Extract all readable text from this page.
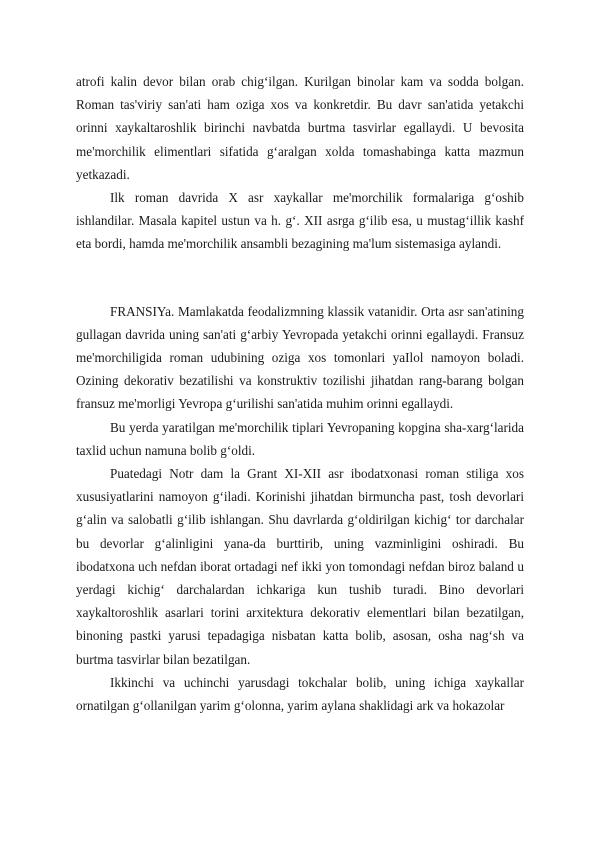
atrofi kalin devor bilan orab chig‘ilgan. Kurilgan binolar kam va sodda bolgan. Roman tas'viriy san'ati ham oziga xos va konkretdir. Bu davr san'atida yetakchi orinni xaykaltaroshlik birinchi navbatda burtma tasvirlar egallaydi. U bevosita me'morchilik elimentlari sifatida g‘aralgan xolda tomashabinga katta mazmun yetkazadi.

Ilk roman davrida X asr xaykallar me'morchilik formalariga g‘oshib ishlandilar. Masala kapitel ustun va h. g‘. XII asrga g‘ilib esa, u mustag‘illik kashf eta bordi, hamda me'morchilik ansambli bezagining ma'lum sistemasiga aylandi.

FRANSIYa. Mamlakatda feodalizmning klassik vatanidir. Orta asr san'atining gullagan davrida uning san'ati g‘arbiy Yevropada yetakchi orinni egallaydi. Fransuz me'morchiligida roman udubining oziga xos tomonlari yaIlol namoyon boladi. Ozining dekorativ bezatilishi va konstruktiv tozilishi jihatdan rang-barang bolgan fransuz me'morligi Yevropa g‘urilishi san'atida muhim orinni egallaydi.

Bu yerda yaratilgan me'morchilik tiplari Yevropaning kopgina sha-xarg‘larida taxlid uchun namuna bolib g‘oldi.

Puatedagi Notr dam la Grant XI-XII asr ibodatxonasi roman stiliga xos xususiyatlarini namoyon g‘iladi. Korinishi jihatdan birmuncha past, tosh devorlari g‘alin va salobatli g‘ilib ishlangan. Shu davrlarda g‘oldirilgan kichig‘ tor darchalar bu devorlar g‘alinligini yana-da burttirib, uning vazminligini oshiradi. Bu ibodatxona uch nefdan iborat ortadagi nef ikki yon tomondagi nefdan biroz baland u yerdagi kichig‘ darchalardan ichkariga kun tushib turadi. Bino devorlari xaykaltoroshlik asarlari torini arxitektura dekorativ elementlari bilan bezatilgan, binoning pastki yarusi tepadagiga nisbatan katta bolib, asosan, osha nag‘sh va burtma tasvirlar bilan bezatilgan.

Ikkinchi va uchinchi yarusdagi tokchalar bolib, uning ichiga xaykallar ornatilgan g‘ollanilgan yarim g‘olonna, yarim aylana shaklidagi ark va hokazolar
